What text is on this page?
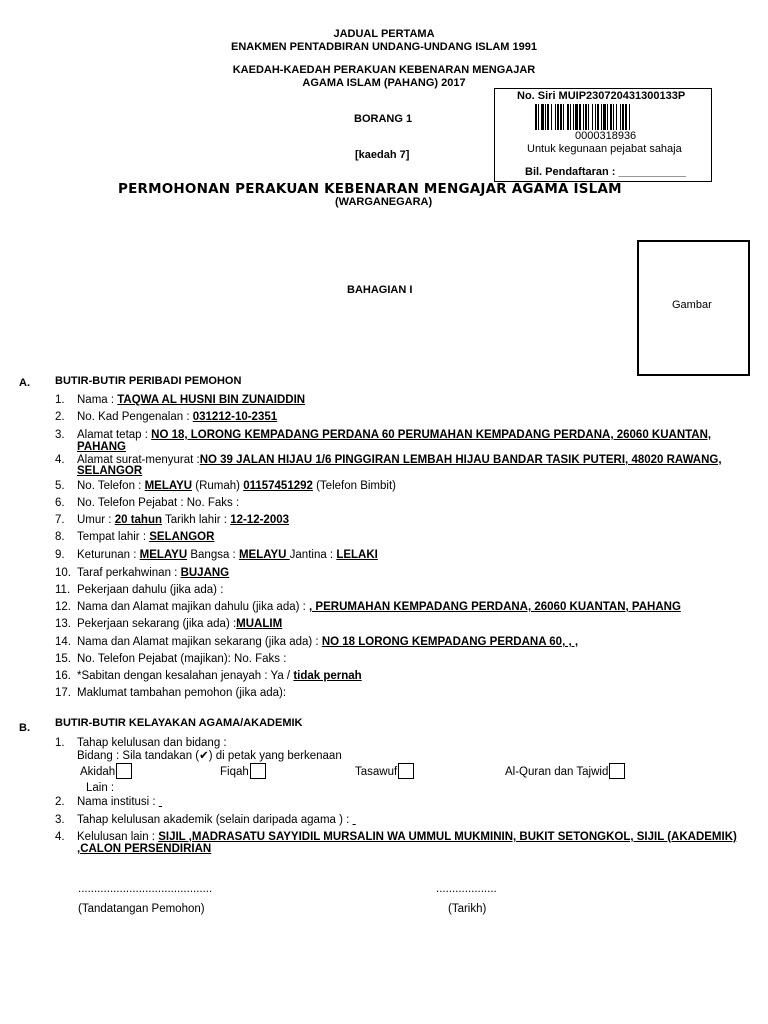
JADUAL PERTAMA
ENAKMEN PENTADBIRAN UNDANG-UNDANG ISLAM 1991
KAEDAH-KAEDAH PERAKUAN KEBENARAN MENGAJAR
AGAMA ISLAM (PAHANG) 2017
BORANG 1
[kaedah 7]
No. Siri MUIP230720431300133P
0000318936
Untuk kegunaan pejabat sahaja
Bil. Pendaftaran : ___________
PERMOHONAN PERAKUAN KEBENARAN MENGAJAR AGAMA ISLAM
(WARGANEGARA)
BAHAGIAN I
Gambar
A. BUTIR-BUTIR PERIBADI PEMOHON
1. Nama : TAQWA AL HUSNI BIN ZUNAIDDIN
2. No. Kad Pengenalan : 031212-10-2351
3. Alamat tetap : NO 18, LORONG KEMPADANG PERDANA 60 PERUMAHAN KEMPADANG PERDANA, 26060 KUANTAN,
PAHANG
4. Alamat surat-menyurat :NO 39 JALAN HIJAU 1/6 PINGGIRAN LEMBAH HIJAU BANDAR TASIK PUTERI, 48020 RAWANG,
SELANGOR
5. No. Telefon : MELAYU (Rumah) 01157451292 (Telefon Bimbit)
6. No. Telefon Pejabat : No. Faks :
7. Umur : 20 tahun Tarikh lahir : 12-12-2003
8. Tempat lahir : SELANGOR
9. Keturunan : MELAYU Bangsa : MELAYU Jantina : LELAKI
10. Taraf perkahwinan : BUJANG
11. Pekerjaan dahulu (jika ada) :
12. Nama dan Alamat majikan dahulu (jika ada) : , PERUMAHAN KEMPADANG PERDANA, 26060 KUANTAN, PAHANG
13. Pekerjaan sekarang (jika ada) :MUALIM
14. Nama dan Alamat majikan sekarang (jika ada) : NO 18 LORONG KEMPADANG PERDANA 60, , ,
15. No. Telefon Pejabat (majikan): No. Faks :
16. *Sabitan dengan kesalahan jenayah : Ya / tidak pernah
17. Maklumat tambahan pemohon (jika ada):
B. BUTIR-BUTIR KELAYAKAN AGAMA/AKADEMIK
1. Tahap kelulusan dan bidang :
Bidang : Sila tandakan (✔) di petak yang berkenaan
Akidah	Fiqah	Tasawuf	Al-Quran dan Tajwid
Lain :
2. Nama institusi :
3. Tahap kelulusan akademik (selain daripada agama ) :
4. Kelulusan lain : SIJIL ,MADRASATU SAYYIDIL MURSALIN WA UMMUL MUKMININ, BUKIT SETONGKOL, SIJIL (AKADEMIK)
,CALON PERSENDIRIAN
..........................................	...................
(Tandatangan Pemohon)	(Tarikh)
